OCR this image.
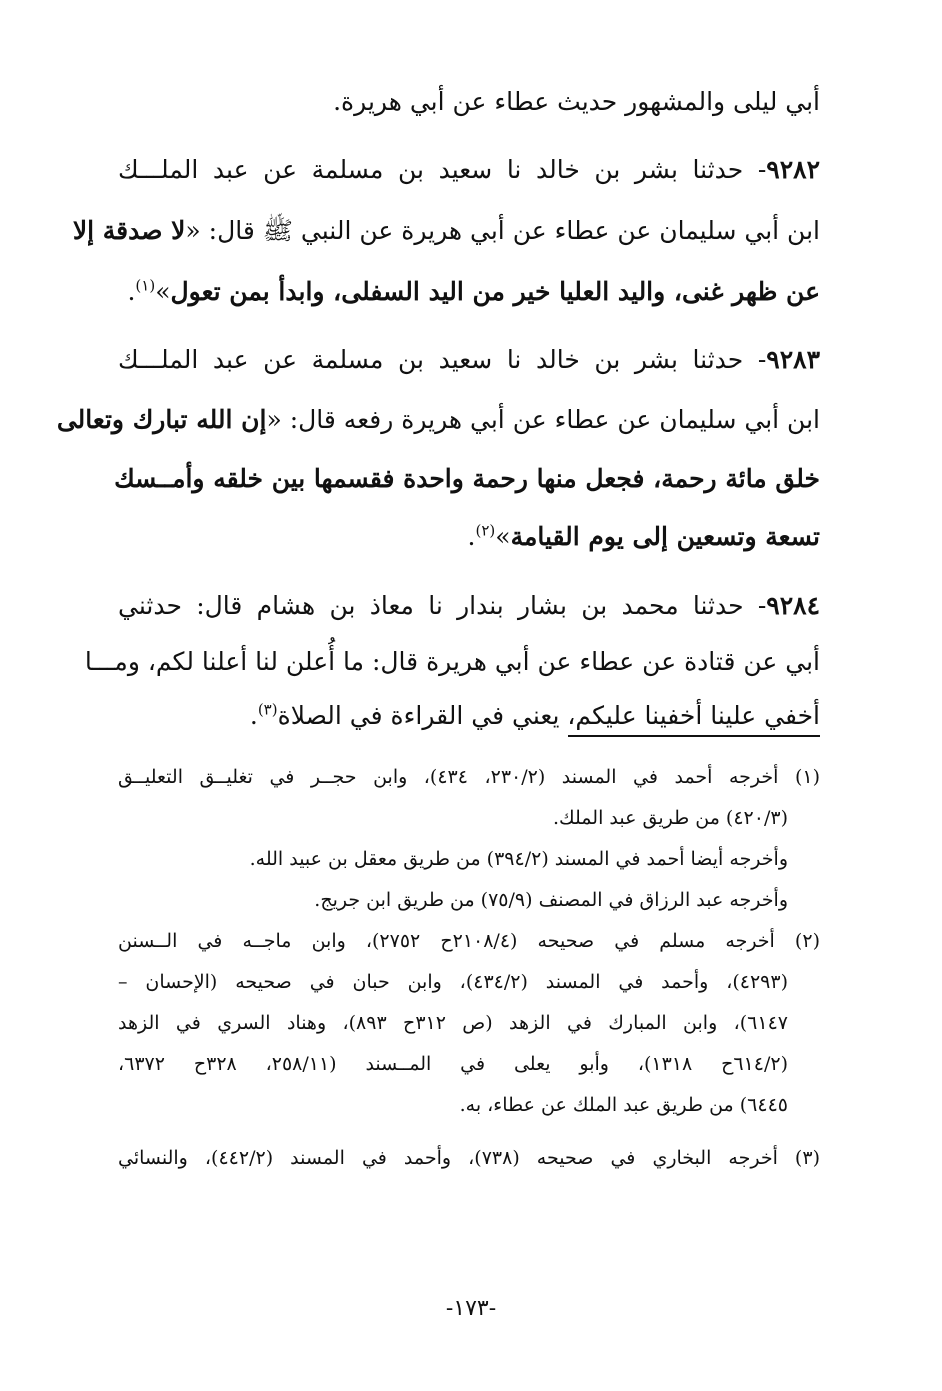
أبي ليلى والمشهور حديث عطاء عن أبي هريرة.
٩٢٨٢- حدثنا بشر بن خالد نا سعيد بن مسلمة عن عبد الملـــك
ابن أبي سليمان عن عطاء عن أبي هريرة عن النبي ﷺ قال: «لا صدقة إلا
عن ظهر غنى، واليد العليا خير من اليد السفلى، وابدأ بمن تعول»$^{(١)}$.
٩٢٨٣- حدثنا بشر بن خالد نا سعيد بن مسلمة عن عبد الملـــك
ابن أبي سليمان عن عطاء عن أبي هريرة رفعه قال: «إن الله تبارك وتعالى
خلق مائة رحمة، فجعل منها رحمة واحدة فقسمها بين خلقه وأمــسك
تسعة وتسعين إلى يوم القيامة»$^{(٢)}$.
٩٢٨٤- حدثنا محمد بن بشار بندار نا معاذ بن هشام قال: حدثني
أبي عن قتادة عن عطاء عن أبي هريرة قال: ما أُعلن لنا أعلنا لكم، ومـــا
أخفي علينا أخفينا عليكم، يعني في القراءة في الصلاة$^{(٣)}$.
(١) أخرجه أحمد في المسند (٢٣٠/٢، ٤٣٤)، وابن حجــر في تغليــق التعليــق
(٤٢٠/٣) من طريق عبد الملك.
وأخرجه أيضا أحمد في المسند (٣٩٤/٢) من طريق معقل بن عبيد الله.
وأخرجه عبد الرزاق في المصنف (٧٥/٩) من طريق ابن جريج.
(٢) أخرجه مسلم في صحيحه (٢١٠٨/٤ح ٢٧٥٢)، وابن ماجــه في الــسنن
(٤٢٩٣)، وأحمد في المسند (٤٣٤/٢)، وابن حبان في صحيحه (الإحسان –
٦١٤٧)، وابن المبارك في الزهد (ص ٣١٢ح ٨٩٣)، وهناد السري في الزهد
(٦١٤/٢ح ١٣١٨)، وأبو يعلى في المــسند (٢٥٨/١١، ٣٢٨ح ٦٣٧٢،
٦٤٤٥) من طريق عبد الملك عن عطاء، به.
(٣) أخرجه البخاري في صحيحه (٧٣٨)، وأحمد في المسند (٤٤٢/٢)، والنسائي
-١٧٣-
